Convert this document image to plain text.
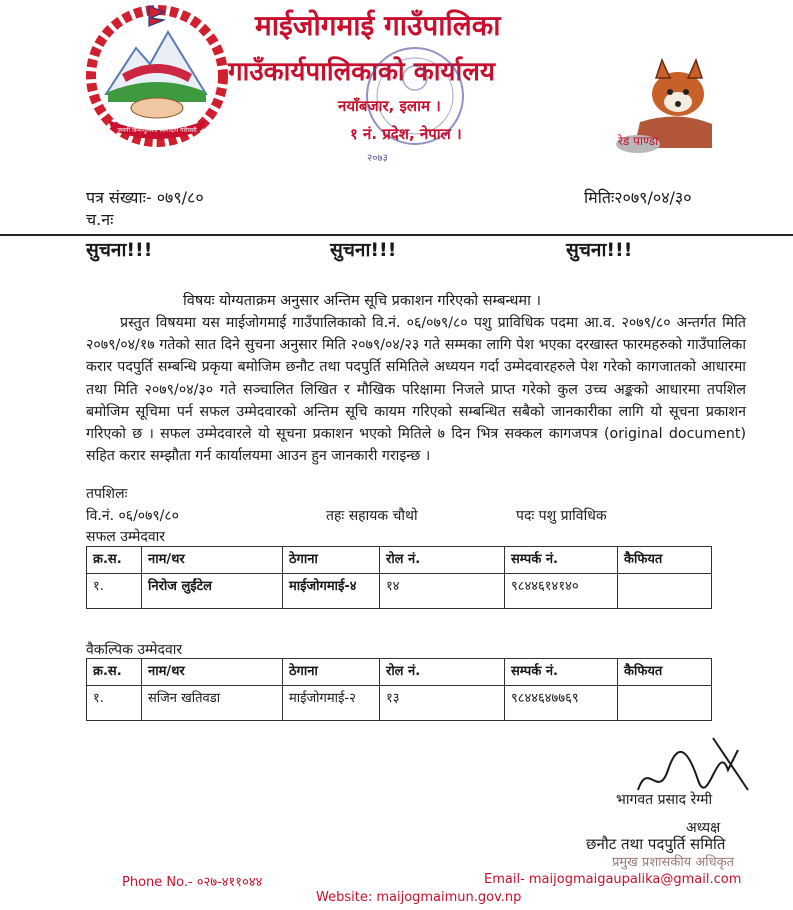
जननी जन्मभूमिश्च स्वर्गादपि गरीयसी
माईजोगमाई गाउँपालिका
गाउँकार्यपालिकाको कार्यालय
नयाँबजार, इलाम ।
१ नं. प्रदेश, नेपाल ।
२०७३
रेड पाण्डा
पत्र संख्याः- ०७९/८०
च.नः
मितिः२०७९/०४/३०
सुचना!!!	सुचना!!!	सुचना!!!
विषयः योग्यताक्रम अनुसार अन्तिम सूचि प्रकाशन गरिएको सम्बन्धमा ।

प्रस्तुत विषयमा यस माईजोगमाई गाउँपालिकाको वि.नं. ०६/०७९/८० पशु प्राविधिक पदमा आ.व. २०७९/८० अन्तर्गत मिति २०७९/०४/१७ गतेको सात दिने सुचना अनुसार मिति २०७९/०४/२३ गते सम्मका लागि पेश भएका दरखास्त फारमहरुको गाउँपालिका करार पदपुर्ति सम्बन्धि प्रकृया बमोजिम छनौट तथा पदपुर्ति समितिले अध्ययन गर्दा उम्मेदवारहरुले पेश गरेको कागजातको आधारमा तथा मिति २०७९/०४/३० गते सञ्चालित लिखित र मौखिक परिक्षामा निजले प्राप्त गरेको कुल उच्च अङ्कको आधारमा तपशिल बमोजिम सूचिमा पर्न सफल उम्मेदवारको अन्तिम सूचि कायम गरिएको सम्बन्धित सबैको जानकारीका लागि यो सूचना प्रकाशन गरिएको छ । सफल उम्मेदवारले यो सूचना प्रकाशन भएको मितिले ७ दिन भित्र सक्कल कागजपत्र (original document) सहित करार सम्झौता गर्न कार्यालयमा आउन हुन जानकारी गराइन्छ ।

तपशिलः
वि.नं. ०६/०७९/८०	तहः सहायक चौथो	पदः पशु प्राविधिक
सफल उम्मेदवार
क्र.स.	नाम/थर	ठेगाना	रोल नं.	सम्पर्क नं.	कैफियत
१.	निरोज लुईंटेल	माईजोगमाई-४	१४	९८४४६१४१४०	
वैकल्पिक उम्मेदवार
क्र.स.	नाम/थर	ठेगाना	रोल नं.	सम्पर्क नं.	कैफियत
१.	सजिन खतिवडा	माईजोगमाई-२	१३	९८४४६४७७६९	
भागवत प्रसाद रेग्मी
अध्यक्ष
छनौट तथा पदपुर्ति समिति
प्रमुख प्रशासकीय अधिकृत
Phone No.- ०२७-४११०४४	Email- maijogmaigaupalika@gmail.com
Website: maijogmaimun.gov.np
